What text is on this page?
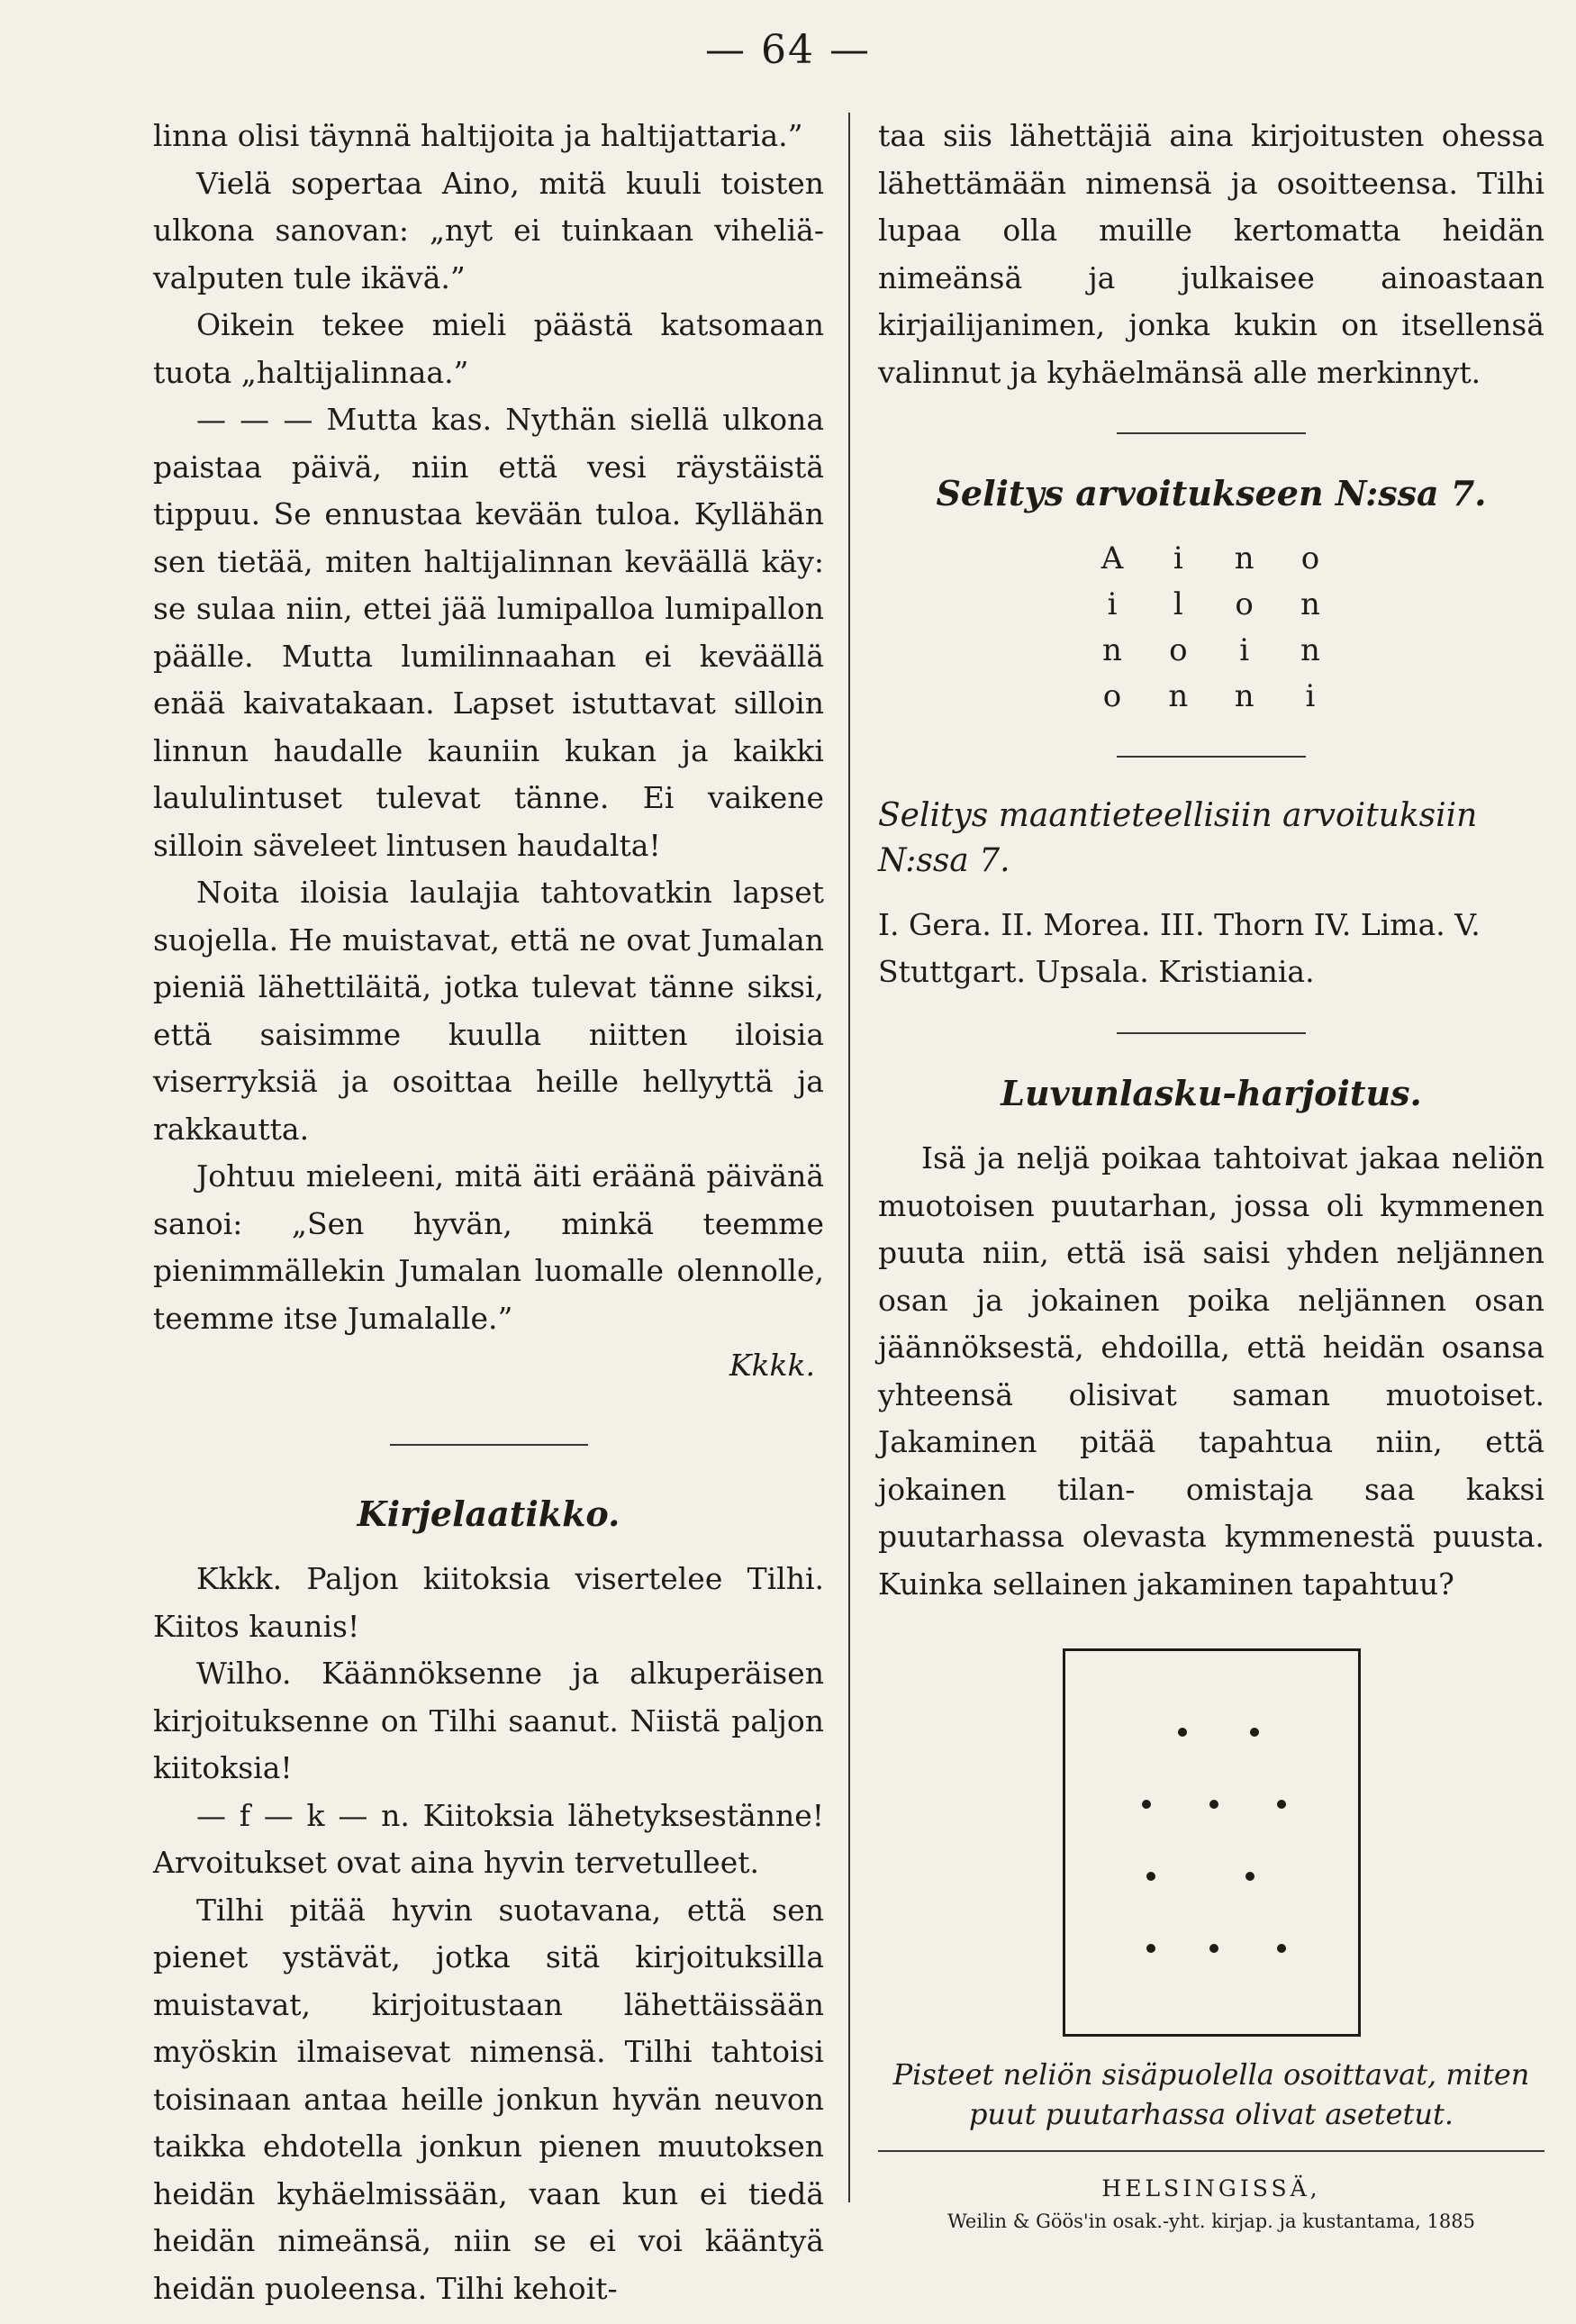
— 64 —

linna olisi täynnä haltijoita ja haltijattaria.”

Vielä sopertaa Aino, mitä kuuli toisten ulkona sanovan: „nyt ei tuinkaan viheliä-valputen tule ikävä.”

Oikein tekee mieli päästä katsomaan tuota „haltijalinnaa.”

— — — Mutta kas. Nythän siellä ulkona paistaa päivä, niin että vesi räystäistä tippuu. Se ennustaa kevään tuloa. Kyllähän sen tietää, miten haltijalinnan keväällä käy: se sulaa niin, ettei jää lumipalloa lumipallon päälle. Mutta lumilinnaahan ei keväällä enää kaivatakaan. Lapset istuttavat silloin linnun haudalle kauniin kukan ja kaikki laululintuset tulevat tänne. Ei vaikene silloin säveleet lintusen haudalta!

Noita iloisia laulajia tahtovatkin lapset suojella. He muistavat, että ne ovat Jumalan pieniä lähettiläitä, jotka tulevat tänne siksi, että saisimme kuulla niitten iloisia viserryksiä ja osoittaa heille hellyyttä ja rakkautta.

Johtuu mieleeni, mitä äiti eräänä päivänä sanoi: „Sen hyvän, minkä teemme pienimmällekin Jumalan luomalle olennolle, teemme itse Jumalalle.”

Kkkk.

Kirjelaatikko.

Kkkk. Paljon kiitoksia visertelee Tilhi. Kiitos kaunis!

Wilho. Käännöksenne ja alkuperäisen kirjoituksenne on Tilhi saanut. Niistä paljon kiitoksia!

— f — k — n. Kiitoksia lähetyksestänne! Arvoitukset ovat aina hyvin tervetulleet.

Tilhi pitää hyvin suotavana, että sen pienet ystävät, jotka sitä kirjoituksilla muistavat, kirjoitustaan lähettäissään myöskin ilmaisevat nimensä. Tilhi tahtoisi toisinaan antaa heille jonkun hyvän neuvon taikka ehdotella jonkun pienen muutoksen heidän kyhäelmissään, vaan kun ei tiedä heidän nimeänsä, niin se ei voi kääntyä heidän puoleensa. Tilhi kehoit-

taa siis lähettäjiä aina kirjoitusten ohessa lähettämään nimensä ja osoitteensa. Tilhi lupaa olla muille kertomatta heidän nimeänsä ja julkaisee ainoastaan kirjailijanimen, jonka kukin on itsellensä valinnut ja kyhäelmänsä alle merkinnyt.

Selitys arvoitukseen N:ssa 7.
A	i	n	o
i	l	o	n
n	o	i	n
o	n	n	i
Selitys maantieteellisiin arvoituksiin N:ssa 7.

I. Gera. II. Morea. III. Thorn IV. Lima. V. Stuttgart. Upsala. Kristiania.

Luvunlasku-harjoitus.

Isä ja neljä poikaa tahtoivat jakaa neliön muotoisen puutarhan, jossa oli kymmenen puuta niin, että isä saisi yhden neljännen osan ja jokainen poika neljännen osan jäännöksestä, ehdoilla, että heidän osansa yhteensä olisivat saman muotoiset. Jakaminen pitää tapahtua niin, että jokainen tilan- omistaja saa kaksi puutarhassa olevasta kymmenestä puusta. Kuinka sellainen jakaminen tapahtuu?

Pisteet neliön sisäpuolella osoittavat, miten puut puutarhassa olivat asetetut.

HELSINGISSÄ,
Weilin & Göös'in osak.-yht. kirjap. ja kustantama, 1885
